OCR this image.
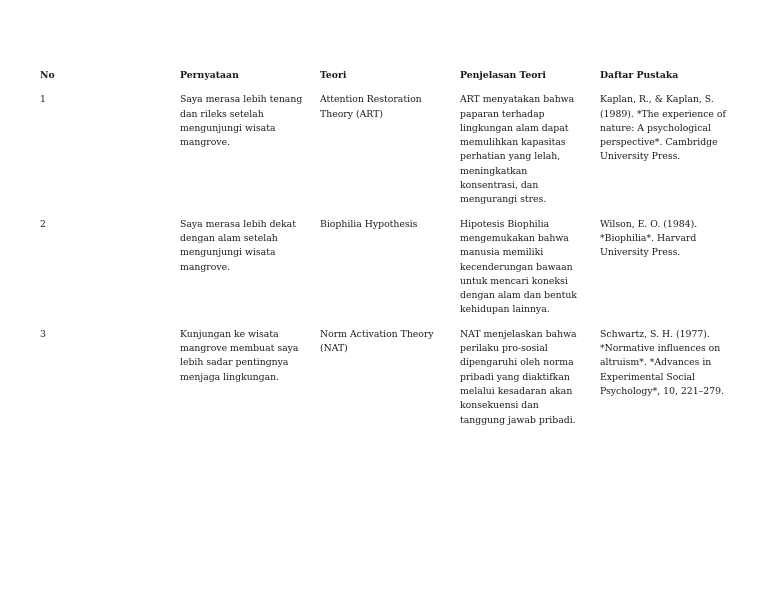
No	Pernyataan	Teori	Penjelasan Teori	Daftar Pustaka
1	Saya merasa lebih tenang dan rileks setelah mengunjungi wisata mangrove.	Attention Restoration Theory (ART)	ART menyatakan bahwa paparan terhadap lingkungan alam dapat memulihkan kapasitas perhatian yang lelah, meningkatkan konsentrasi, dan mengurangi stres.	Kaplan, R., & Kaplan, S. (1989). *The experience of nature: A psychological perspective*. Cambridge University Press.
2	Saya merasa lebih dekat dengan alam setelah mengunjungi wisata mangrove.	Biophilia Hypothesis	Hipotesis Biophilia mengemukakan bahwa manusia memiliki kecenderungan bawaan untuk mencari koneksi dengan alam dan bentuk kehidupan lainnya.	Wilson, E. O. (1984). *Biophilia*. Harvard University Press.
3	Kunjungan ke wisata mangrove membuat saya lebih sadar pentingnya menjaga lingkungan.	Norm Activation Theory (NAT)	NAT menjelaskan bahwa perilaku pro-sosial dipengaruhi oleh norma pribadi yang diaktifkan melalui kesadaran akan konsekuensi dan tanggung jawab pribadi.	Schwartz, S. H. (1977). *Normative influences on altruism*. *Advances in Experimental Social Psychology*, 10, 221–279.
